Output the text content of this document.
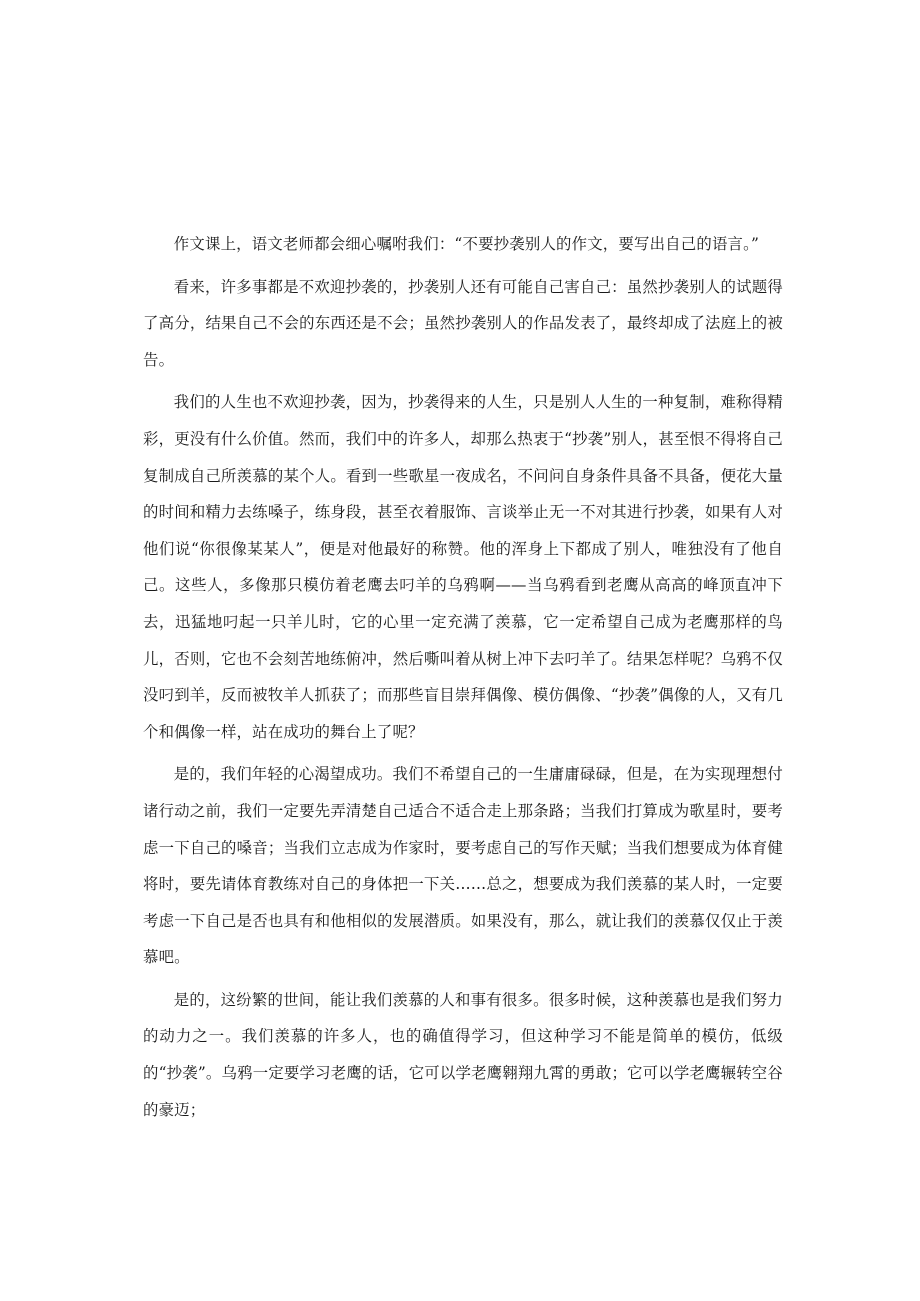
作文课上，语文老师都会细心嘱咐我们：“不要抄袭别人的作文，要写出自己的语言。”

看来，许多事都是不欢迎抄袭的，抄袭别人还有可能自己害自己：虽然抄袭别人的试题得了高分，结果自己不会的东西还是不会；虽然抄袭别人的作品发表了，最终却成了法庭上的被告。

我们的人生也不欢迎抄袭，因为，抄袭得来的人生，只是别人人生的一种复制，难称得精彩，更没有什么价值。然而，我们中的许多人，却那么热衷于“抄袭”别人，甚至恨不得将自己复制成自己所羡慕的某个人。看到一些歌星一夜成名，不问问自身条件具备不具备，便花大量的时间和精力去练嗓子，练身段，甚至衣着服饰、言谈举止无一不对其进行抄袭，如果有人对他们说“你很像某某人”，便是对他最好的称赞。他的浑身上下都成了别人，唯独没有了他自己。这些人，多像那只模仿着老鹰去叼羊的乌鸦啊——当乌鸦看到老鹰从高高的峰顶直冲下去，迅猛地叼起一只羊儿时，它的心里一定充满了羡慕，它一定希望自己成为老鹰那样的鸟儿，否则，它也不会刻苦地练俯冲，然后嘶叫着从树上冲下去叼羊了。结果怎样呢？乌鸦不仅没叼到羊，反而被牧羊人抓获了；而那些盲目崇拜偶像、模仿偶像、“抄袭”偶像的人，又有几个和偶像一样，站在成功的舞台上了呢？

是的，我们年轻的心渴望成功。我们不希望自己的一生庸庸碌碌，但是，在为实现理想付诸行动之前，我们一定要先弄清楚自己适合不适合走上那条路；当我们打算成为歌星时，要考虑一下自己的嗓音；当我们立志成为作家时，要考虑自己的写作天赋；当我们想要成为体育健将时，要先请体育教练对自己的身体把一下关……总之，想要成为我们羡慕的某人时，一定要考虑一下自己是否也具有和他相似的发展潜质。如果没有，那么，就让我们的羡慕仅仅止于羡慕吧。

是的，这纷繁的世间，能让我们羡慕的人和事有很多。很多时候，这种羡慕也是我们努力的动力之一。我们羡慕的许多人，也的确值得学习，但这种学习不能是简单的模仿，低级的“抄袭”。乌鸦一定要学习老鹰的话，它可以学老鹰翱翔九霄的勇敢；它可以学老鹰辗转空谷的豪迈；
